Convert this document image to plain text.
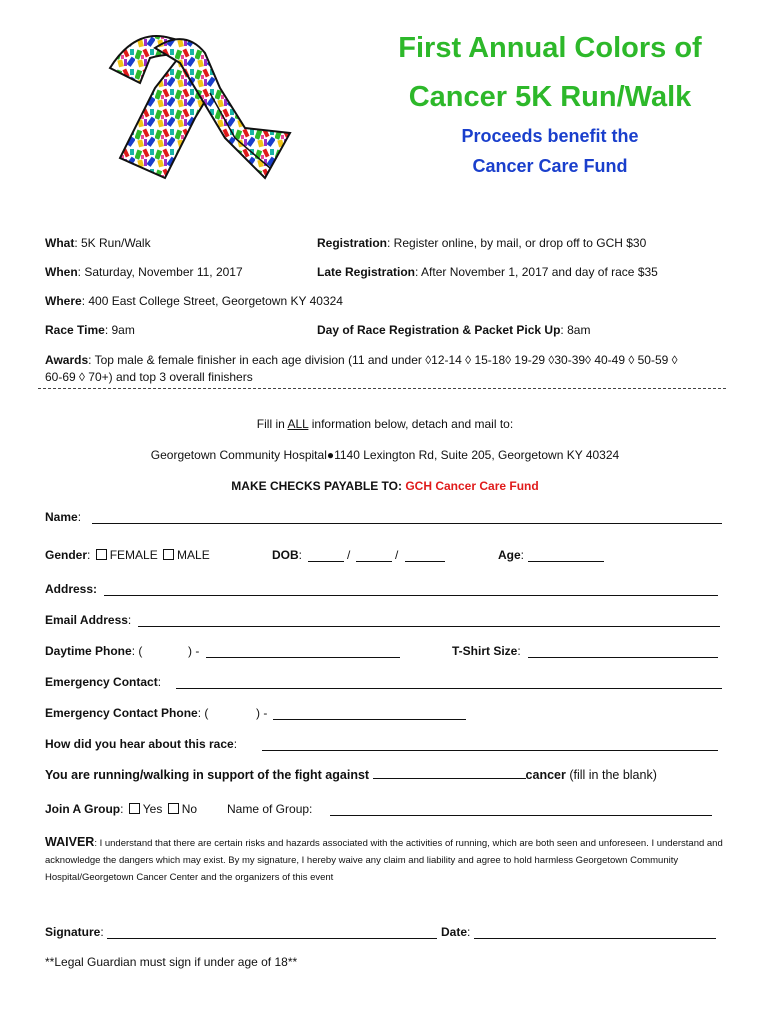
First Annual Colors of
Cancer 5K Run/Walk
Proceeds benefit the
Cancer Care Fund
What: 5K Run/Walk	Registration: Register online, by mail, or drop off to GCH $30
When: Saturday, November 11, 2017	Late Registration: After November 1, 2017 and day of race $35
Where: 400 East College Street, Georgetown KY 40324
Race Time: 9am	Day of Race Registration & Packet Pick Up: 8am
Awards: Top male & female finisher in each age division (11 and under ◊12-14 ◊ 15-18◊ 19-29 ◊30-39◊ 40-49 ◊ 50-59 ◊
60-69 ◊ 70+) and top 3 overall finishers
Fill in ALL information below, detach and mail to:
Georgetown Community Hospital●1140 Lexington Rd, Suite 205, Georgetown KY 40324
MAKE CHECKS PAYABLE TO: GCH Cancer Care Fund
Name:
Gender: FEMALE MALE	DOB:	/	/	Age:
Address:
Email Address:
Daytime Phone: (	) -	T-Shirt Size:
Emergency Contact:
Emergency Contact Phone: (	) -
How did you hear about this race:
You are running/walking in support of the fight against	cancer (fill in the blank)
Join A Group: Yes No Name of Group:
WAIVER: I understand that there are certain risks and hazards associated with the activities of running, which are both seen and unforeseen. I understand and acknowledge the dangers which may exist. By my signature, I hereby waive any claim and liability and agree to hold harmless Georgetown Community Hospital/Georgetown Cancer Center and the organizers of this event
Signature:	Date:
**Legal Guardian must sign if under age of 18**
